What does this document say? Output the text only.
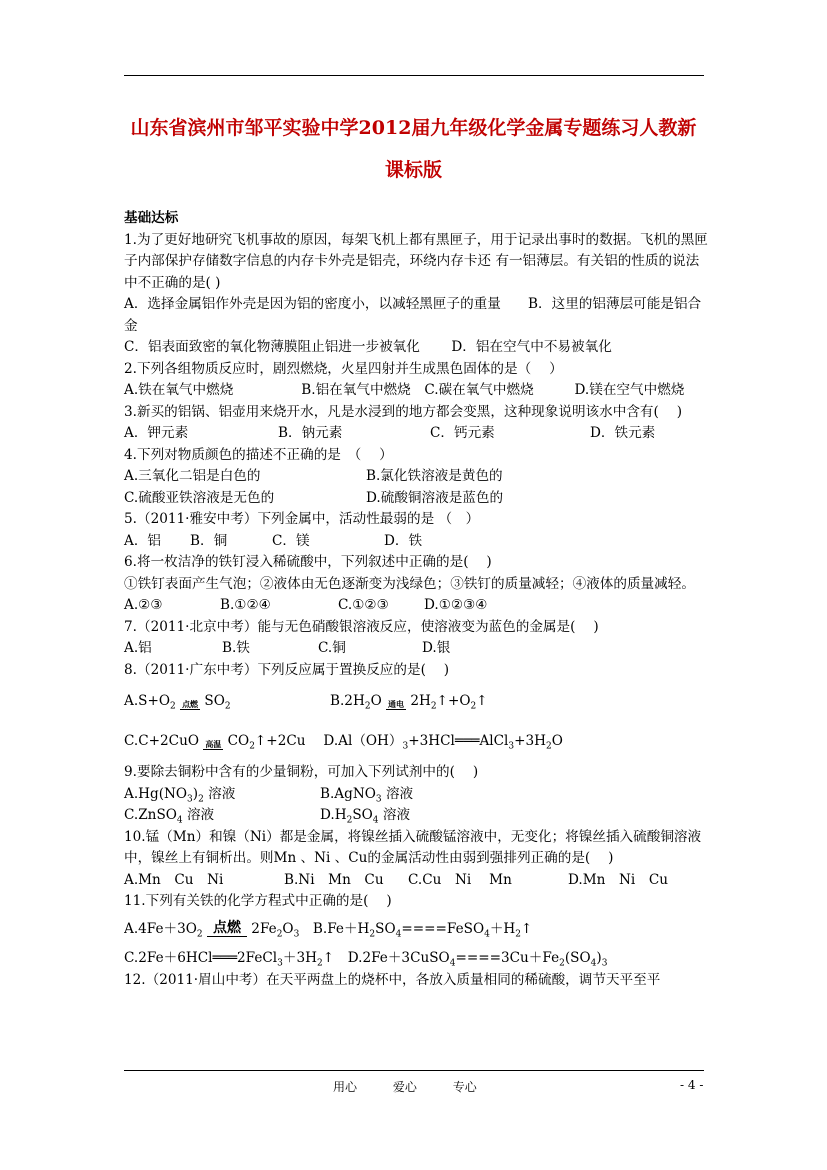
山东省滨州市邹平实验中学2012届九年级化学金属专题练习人教新
课标版
基础达标
1.为了更好地研究飞机事故的原因，每架飞机上都有黑匣子，用于记录出事时的数据。飞机的黑匣子内部保护存储数字信息的内存卡外壳是铝壳，环绕内存卡还 有一铝薄层。有关铝的性质的说法中不正确的是( )
A．选择金属铝作外壳是因为铝的密度小，以减轻黑匣子的重量　　B．这里的铝薄层可能是铝合金
C．铝表面致密的氧化物薄膜阻止铝进一步被氧化　　 D．铝在空气中不易被氧化
2.下列各组物质反应时，剧烈燃烧，火星四射并生成黑色固体的是（　 ）
A.铁在氧气中燃烧　　　　　B.铝在氧气中燃烧　C.碳在氧气中燃烧　　　D.镁在空气中燃烧
3.新买的铝锅、铝壶用来烧开水，凡是水浸到的地方都会变黑，这种现象说明该水中含有(　 )
A．钾元素	B．钠元素	C．钙元素	D．铁元素
4.下列对物质颜色的描述不正确的是　（　 ）
A.三氧化二铝是白色的	B.氯化铁溶液是黄色的
C.硫酸亚铁溶液是无色的	D.硫酸铜溶液是蓝色的
5.（2011·雅安中考）下列金属中，活动性最弱的是 （　）
A．铝	B．铜	C．镁	D．铁
6.将一枚洁净的铁钉浸入稀硫酸中，下列叙述中正确的是(　 )
①铁钉表面产生气泡；②液体由无色逐渐变为浅绿色；③铁钉的质量减轻；④液体的质量减轻。
A.②③	B.①②④	C.①②③	D.①②③④
7.（2011·北京中考）能与无色硝酸银溶液反应，使溶液变为蓝色的金属是(　 )
A.铝	B.铁	C.铜	D.银
8.（2011·广东中考）下列反应属于置换反应的是(　 )
$A.S+O_2$ 点燃 $SO_2$	$B.2H_2O$ 通电 $2H_2↑+O_2↑$
C.C+2CuO 高温 $CO_2↑+2Cu$　 $D.Al(OH)_3+3HCl═══AlCl_3+3H_2O$
9.要除去铜粉中含有的少量铜粉，可加入下列试剂中的(　 )
$A.Hg(NO_3)_2$ 溶液	B.AgNO$_3$ 溶液
C.ZnSO$_4$ 溶液	$D.H_2SO_4$ 溶液
10.锰（Mn）和镍（Ni）都是金属，将镍丝插入硫酸锰溶液中，无变化；将镍丝插入硫酸铜溶液中，镍丝上有铜析出。则Mn 、Ni 、Cu的金属活动性由弱到强排列正确的是(　 )
A.Mn　Cu　Ni	B.Ni　Mn　Cu	C.Cu　Ni　 Mn	D.Mn　Ni　Cu
11.下列有关铁的化学方程式中正确的是(　 )
$A.4Fe+3O_2$ 点燃 $2Fe_2O_3$　$B.Fe+H_2SO_4====FeSO_4+H_2↑$
$C.2Fe+6HCl═══2FeCl_3+3H_2↑$　$D.2Fe+3CuSO_4====3Cu+Fe_2(SO_4)_3$
12.（2011·眉山中考）在天平两盘上的烧杯中，各放入质量相同的稀硫酸，调节天平至平
用心	爱心	专心	- 4 -
